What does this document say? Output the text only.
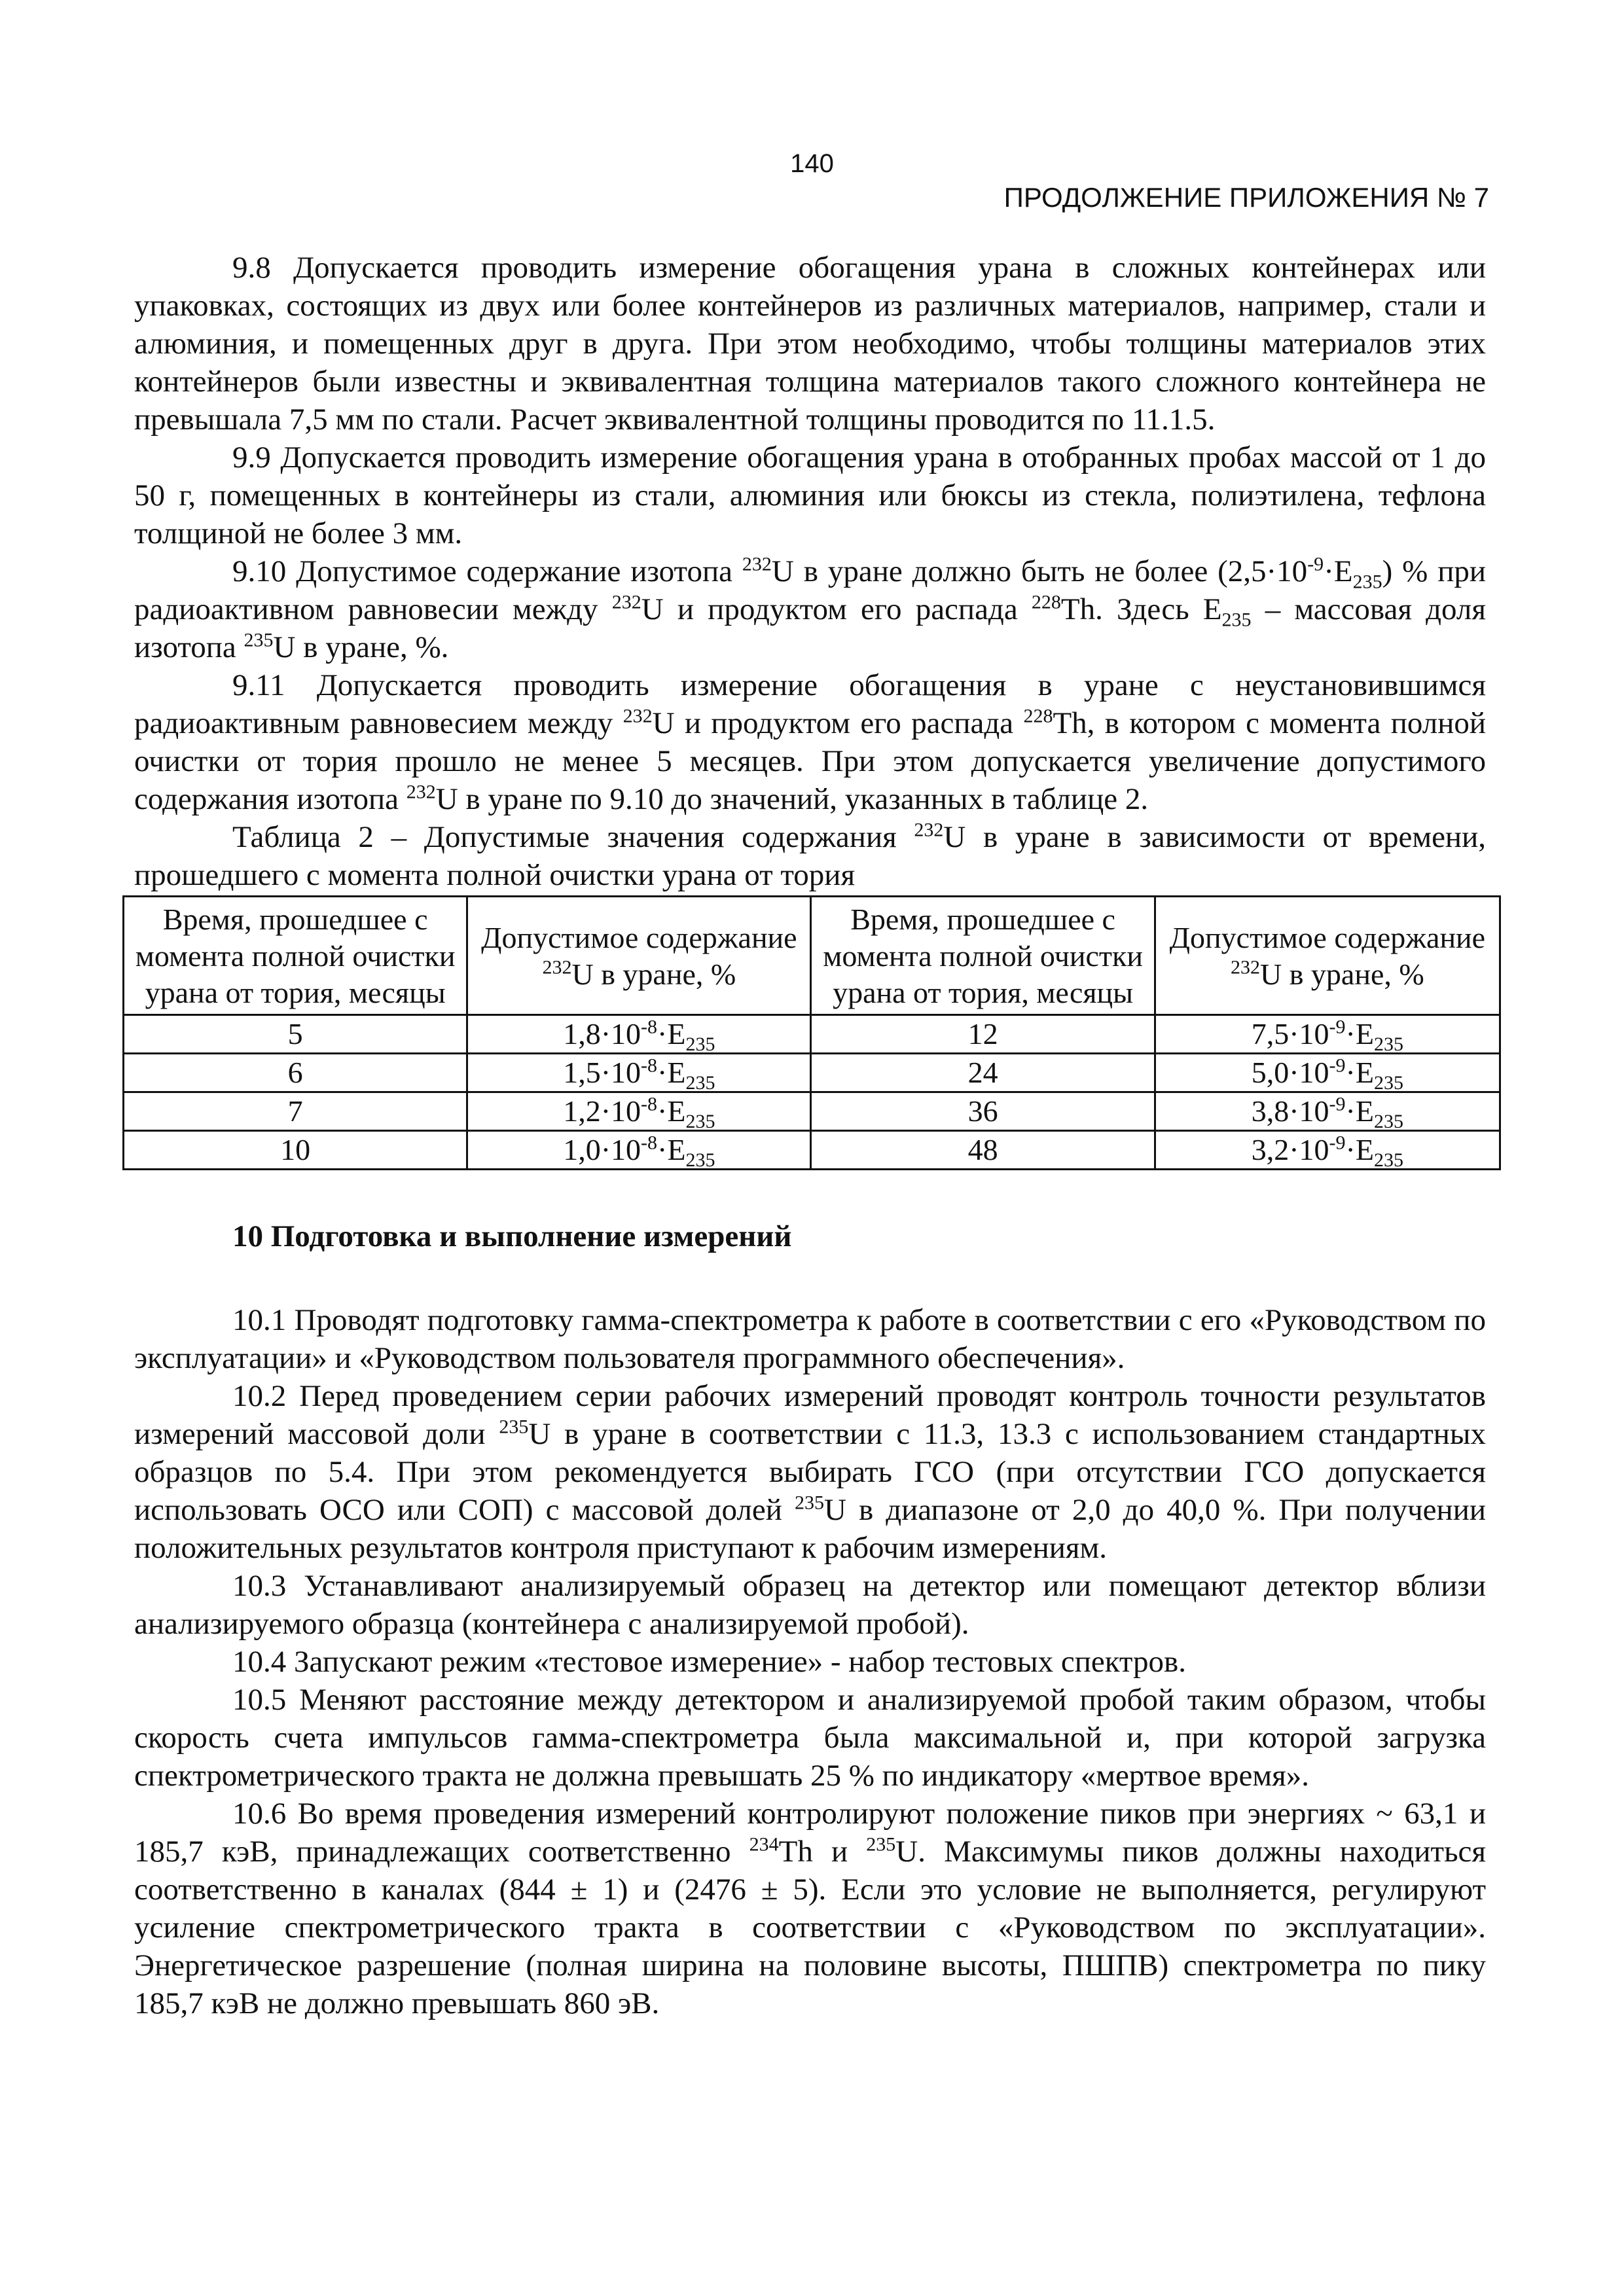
140
ПРОДОЛЖЕНИЕ ПРИЛОЖЕНИЯ № 7

9.8 Допускается проводить измерение обогащения урана в сложных контейнерах или упаковках, состоящих из двух или более контейнеров из различных материалов, например, стали и алюминия, и помещенных друг в друга. При этом необходимо, чтобы толщины материалов этих контейнеров были известны и эквивалентная толщина материалов такого сложного контейнера не превышала 7,5 мм по стали. Расчет эквивалентной толщины проводится по 11.1.5.

9.9 Допускается проводить измерение обогащения урана в отобранных пробах массой от 1 до 50 г, помещенных в контейнеры из стали, алюминия или бюксы из стекла, полиэтилена, тефлона толщиной не более 3 мм.

9.10 Допустимое содержание изотопа $^{232}$U в уране должно быть не более $(2,5\cdot 10^{-9}\cdot E_{235})$ % при радиоактивном равновесии между $^{232}$U и продуктом его распада $^{228}$Th. Здесь $E_{235}$ – массовая доля изотопа $^{235}$U в уране, %.

9.11 Допускается проводить измерение обогащения в уране с неустановившимся радиоактивным равновесием между $^{232}$U и продуктом его распада $^{228}$Th, в котором с момента полной очистки от тория прошло не менее 5 месяцев. При этом допускается увеличение допустимого содержания изотопа $^{232}$U в уране по 9.10 до значений, указанных в таблице 2.

Таблица 2 – Допустимые значения содержания $^{232}$U в уране в зависимости от времени, прошедшего с момента полной очистки урана от тория

Время, прошедшее с момента полной очистки урана от тория, месяцы	Допустимое содержание $^{232}$U в уране, %	Время, прошедшее с момента полной очистки урана от тория, месяцы	Допустимое содержание $^{232}$U в уране, %
5	$1,8\cdot 10^{-8}\cdot E_{235}$	12	$7,5\cdot 10^{-9}\cdot E_{235}$
6	$1,5\cdot 10^{-8}\cdot E_{235}$	24	$5,0\cdot 10^{-9}\cdot E_{235}$
7	$1,2\cdot 10^{-8}\cdot E_{235}$	36	$3,8\cdot 10^{-9}\cdot E_{235}$
10	$1,0\cdot 10^{-8}\cdot E_{235}$	48	$3,2\cdot 10^{-9}\cdot E_{235}$

10 Подготовка и выполнение измерений

10.1 Проводят подготовку гамма-спектрометра к работе в соответствии с его «Руководством по эксплуатации» и «Руководством пользователя программного обеспечения».

10.2 Перед проведением серии рабочих измерений проводят контроль точности результатов измерений массовой доли $^{235}$U в уране в соответствии с 11.3, 13.3 с использованием стандартных образцов по 5.4. При этом рекомендуется выбирать ГСО (при отсутствии ГСО допускается использовать ОСО или СОП) с массовой долей $^{235}$U в диапазоне от 2,0 до 40,0 %. При получении положительных результатов контроля приступают к рабочим измерениям.

10.3 Устанавливают анализируемый образец на детектор или помещают детектор вблизи анализируемого образца (контейнера с анализируемой пробой).

10.4 Запускают режим «тестовое измерение» - набор тестовых спектров.

10.5 Меняют расстояние между детектором и анализируемой пробой таким образом, чтобы скорость счета импульсов гамма-спектрометра была максимальной и, при которой загрузка спектрометрического тракта не должна превышать 25 % по индикатору «мертвое время».

10.6 Во время проведения измерений контролируют положение пиков при энергиях ~ 63,1 и 185,7 кэВ, принадлежащих соответственно $^{234}$Th и $^{235}$U. Максимумы пиков должны находиться соответственно в каналах (844 ± 1) и (2476 ± 5). Если это условие не выполняется, регулируют усиление спектрометрического тракта в соответствии с «Руководством по эксплуатации». Энергетическое разрешение (полная ширина на половине высоты, ПШПВ) спектрометра по пику 185,7 кэВ не должно превышать 860 эВ.
